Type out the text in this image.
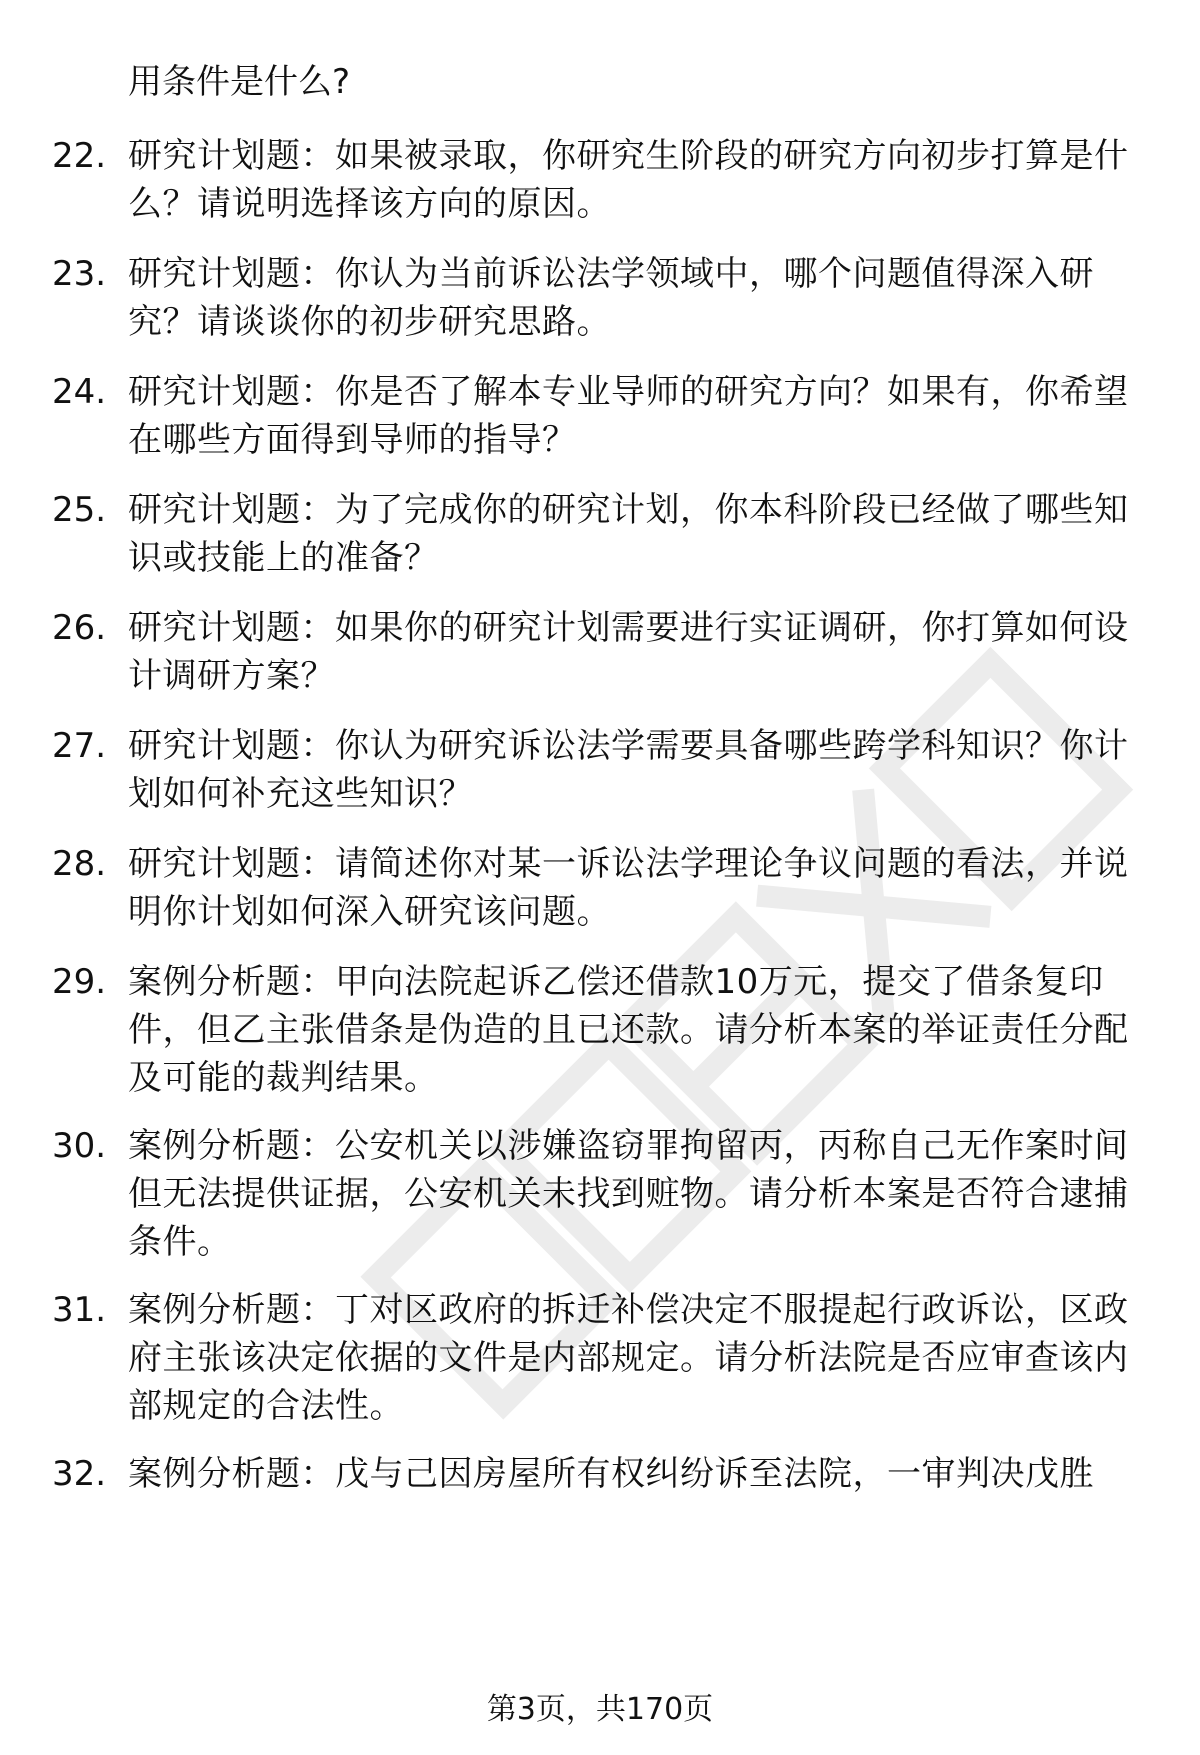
用条件是什么?
22. 研究计划题：如果被录取，你研究生阶段的研究方向初步打算是什么？请说明选择该方向的原因。
23. 研究计划题：你认为当前诉讼法学领域中，哪个问题值得深入研究？请谈谈你的初步研究思路。
24. 研究计划题：你是否了解本专业导师的研究方向？如果有，你希望在哪些方面得到导师的指导？
25. 研究计划题：为了完成你的研究计划，你本科阶段已经做了哪些知识或技能上的准备？
26. 研究计划题：如果你的研究计划需要进行实证调研，你打算如何设计调研方案？
27. 研究计划题：你认为研究诉讼法学需要具备哪些跨学科知识？你计划如何补充这些知识？
28. 研究计划题：请简述你对某一诉讼法学理论争议问题的看法，并说明你计划如何深入研究该问题。
29. 案例分析题：甲向法院起诉乙偿还借款10万元，提交了借条复印件，但乙主张借条是伪造的且已还款。请分析本案的举证责任分配及可能的裁判结果。
30. 案例分析题：公安机关以涉嫌盗窃罪拘留丙，丙称自己无作案时间但无法提供证据，公安机关未找到赃物。请分析本案是否符合逮捕条件。
31. 案例分析题：丁对区政府的拆迁补偿决定不服提起行政诉讼，区政府主张该决定依据的文件是内部规定。请分析法院是否应审查该内部规定的合法性。
32. 案例分析题：戊与己因房屋所有权纠纷诉至法院，一审判决戊胜
第3页，共170页
